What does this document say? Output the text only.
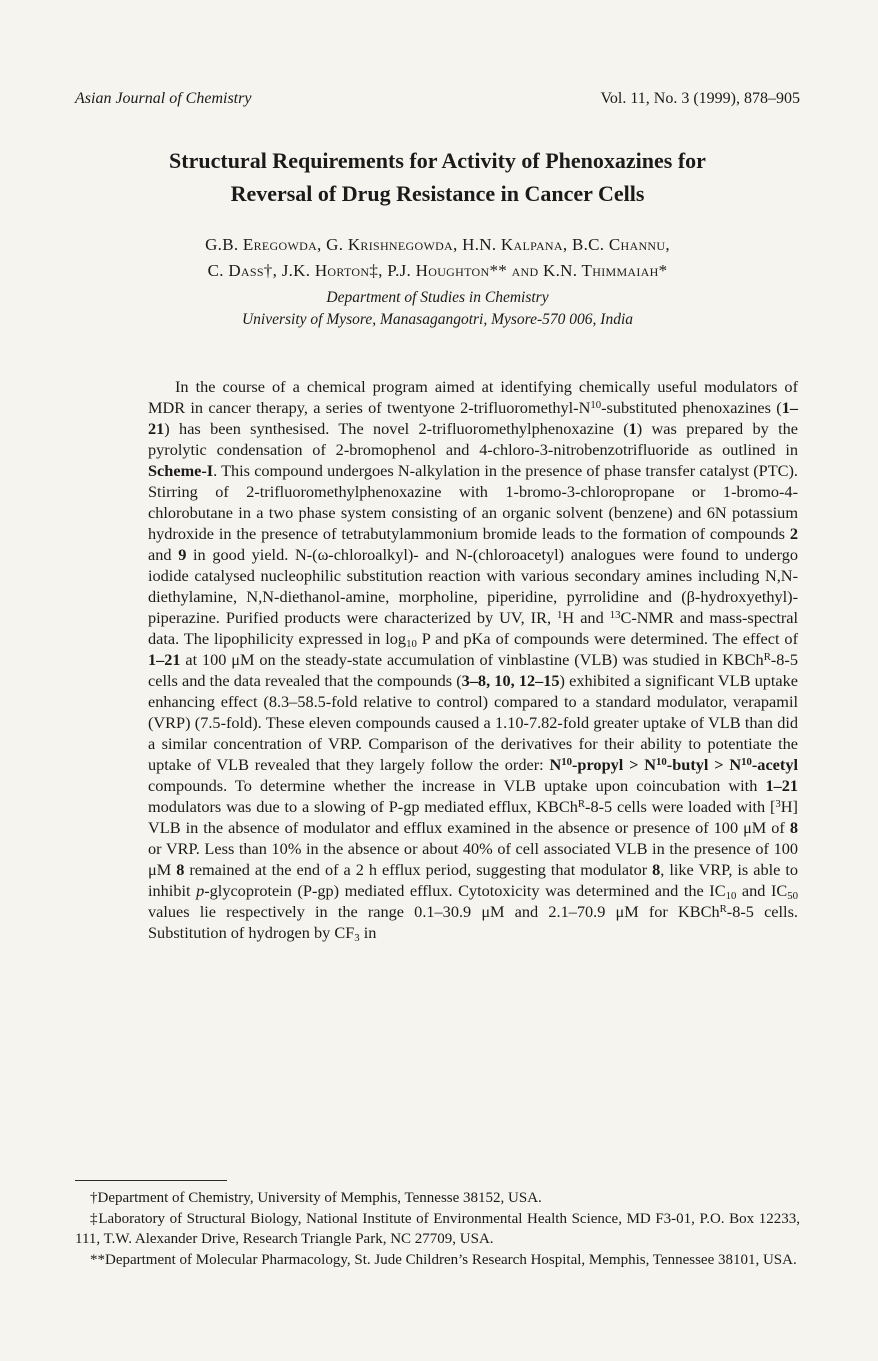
Asian Journal of Chemistry	Vol. 11, No. 3 (1999), 878–905
Structural Requirements for Activity of Phenoxazines for
Reversal of Drug Resistance in Cancer Cells
G.B. Eregowda, G. Krishnegowda, H.N. Kalpana, B.C. Channu,
C. Dass†, J.K. Horton‡, P.J. Houghton** and K.N. Thimmaiah*
Department of Studies in Chemistry
University of Mysore, Manasagangotri, Mysore-570 006, India
In the course of a chemical program aimed at identifying chemically useful modulators of MDR in cancer therapy, a series of twentyone $2-trifluoromethyl-N^{10}$-substituted phenoxazines (1–21) has been synthesised. The novel 2-trifluoromethylphenoxazine (1) was prepared by the pyrolytic condensation of 2-bromophenol and 4-chloro-3-nitrobenzotrifluoride as outlined in Scheme-I. This compound undergoes N-alkylation in the presence of phase transfer catalyst (PTC). Stirring of 2-trifluoromethylphenoxazine with 1-bromo-3-chloropropane or 1-bromo-4-chlorobutane in a two phase system consisting of an organic solvent (benzene) and 6N potassium hydroxide in the presence of tetrabutylammonium bromide leads to the formation of compounds 2 and 9 in good yield. N-(ω-chloroalkyl)- and N-(chloroacetyl) analogues were found to undergo iodide catalysed nucleophilic substitution reaction with various secondary amines including N,N-diethylamine, N,N-diethanol-amine, morpholine, piperidine, pyrrolidine and (β-hydroxyethyl)-piperazine. Purified products were characterized by UV, IR, $^1$H and $^{13}$C-NMR and mass-spectral data. The lipophilicity expressed in log10 P and pKa of compounds were determined. The effect of 1–21 at 100 μM on the steady-state accumulation of vinblastine (VLB) was studied in KBCh$^R$-8-5 cells and the data revealed that the compounds (3–8, 10, 12–15) exhibited a significant VLB uptake enhancing effect (8.3–58.5-fold relative to control) compared to a standard modulator, verapamil (VRP) (7.5-fold). These eleven compounds caused a 1.10-7.82-fold greater uptake of VLB than did a similar concentration of VRP. Comparison of the derivatives for their ability to potentiate the uptake of VLB revealed that they largely follow the order: $N^{10}$-propyl > $N^{10}$-butyl > $N^{10}$-acetyl compounds. To determine whether the increase in VLB uptake upon coincubation with 1–21 modulators was due to a slowing of P-gp mediated efflux, KBCh$^R$-8-5 cells were loaded with [$^3$H] VLB in the absence of modulator and efflux examined in the absence or presence of 100 μM of 8 or VRP. Less than 10% in the absence or about 40% of cell associated VLB in the presence of 100 μM 8 remained at the end of a 2 h efflux period, suggesting that modulator 8, like VRP, is able to inhibit p-glycoprotein (P-gp) mediated efflux. Cytotoxicity was determined and the IC10 and IC50 values lie respectively in the range 0.1–30.9 μM and 2.1–70.9 μM for KBCh$^R$-8-5 cells. Substitution of hydrogen by CF3 in

†Department of Chemistry, University of Memphis, Tennesse 38152, USA.

‡Laboratory of Structural Biology, National Institute of Environmental Health Science, MD F3-01, P.O. Box 12233, 111, T.W. Alexander Drive, Research Triangle Park, NC 27709, USA.

**Department of Molecular Pharmacology, St. Jude Children’s Research Hospital, Memphis, Tennessee 38101, USA.
